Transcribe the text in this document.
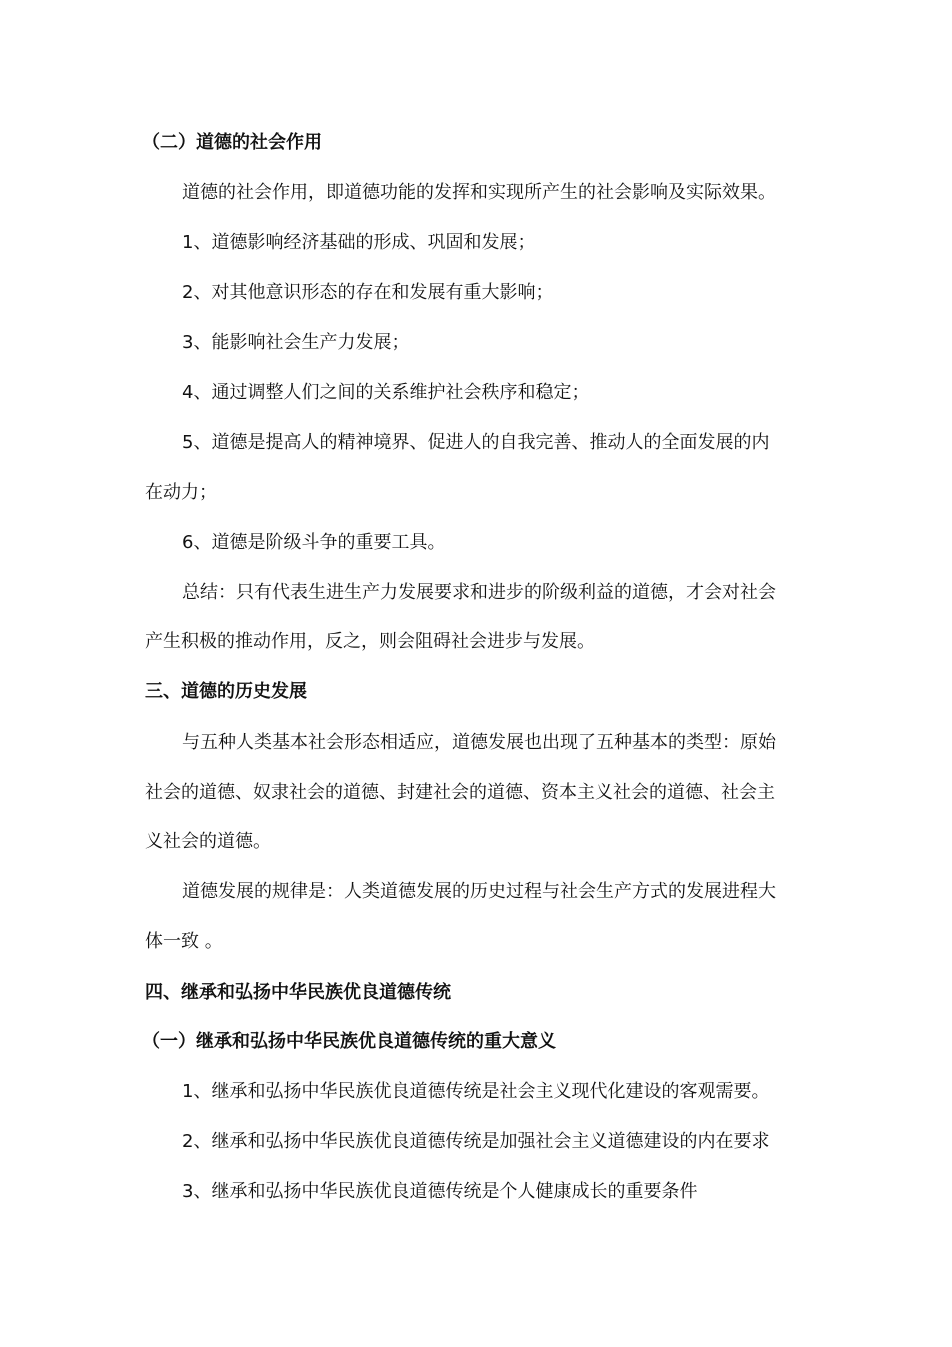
（二）道德的社会作用
道德的社会作用，即道德功能的发挥和实现所产生的社会影响及实际效果。
1、道德影响经济基础的形成、巩固和发展；
2、对其他意识形态的存在和发展有重大影响；
3、能影响社会生产力发展；
4、通过调整人们之间的关系维护社会秩序和稳定；
5、道德是提高人的精神境界、促进人的自我完善、推动人的全面发展的内
在动力；
6、道德是阶级斗争的重要工具。
总结：只有代表生进生产力发展要求和进步的阶级利益的道德，才会对社会
产生积极的推动作用，反之，则会阻碍社会进步与发展。
三、道德的历史发展
与五种人类基本社会形态相适应，道德发展也出现了五种基本的类型：原始
社会的道德、奴隶社会的道德、封建社会的道德、资本主义社会的道德、社会主
义社会的道德。
道德发展的规律是：人类道德发展的历史过程与社会生产方式的发展进程大
体一致 。
四、继承和弘扬中华民族优良道德传统
（一）继承和弘扬中华民族优良道德传统的重大意义
1、继承和弘扬中华民族优良道德传统是社会主义现代化建设的客观需要。
2、继承和弘扬中华民族优良道德传统是加强社会主义道德建设的内在要求
3、继承和弘扬中华民族优良道德传统是个人健康成长的重要条件
